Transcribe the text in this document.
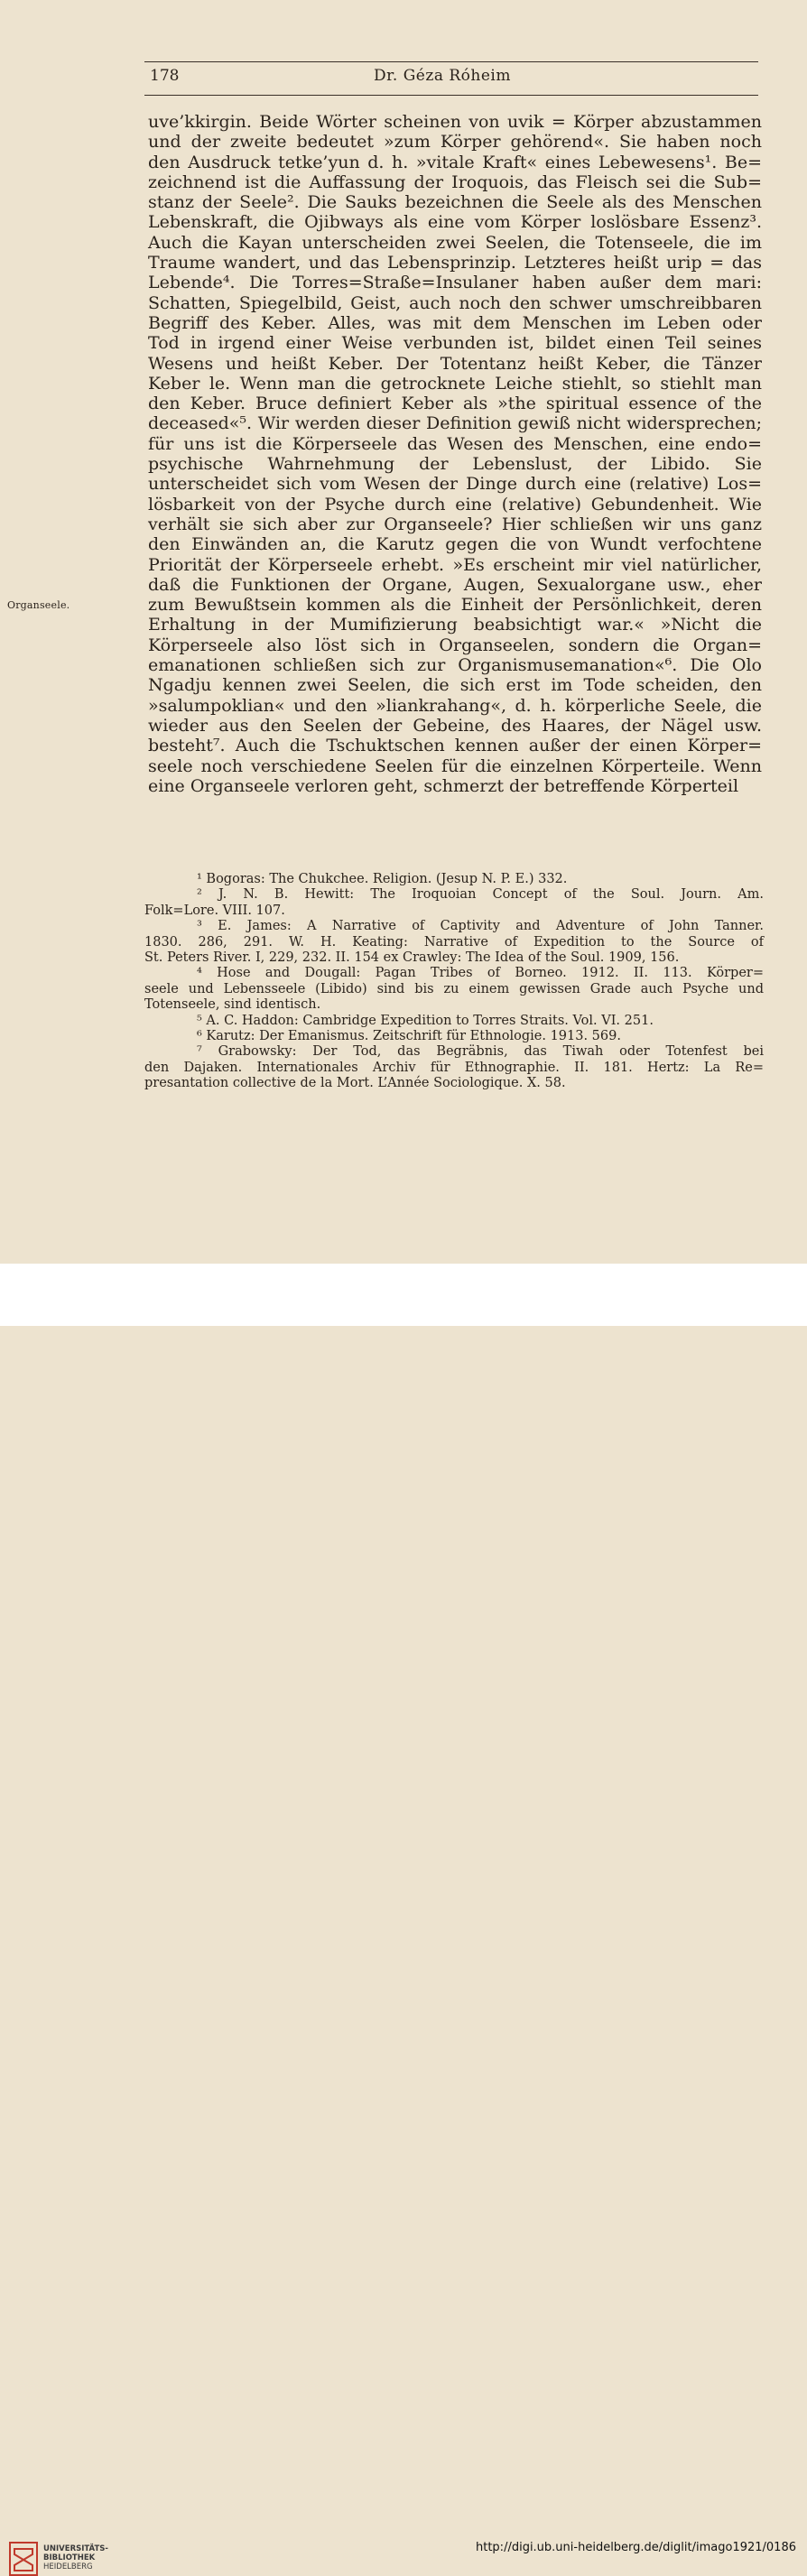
178	Dr. Géza Róheim
Organseele.
uvе’kkirgin. Beide Wörter scheinen von uvik = Körper abzustammen
und der zweite bedeutet »zum Körper gehörend«. Sie haben noch
den Ausdruck tetke’yun d. h. »vitale Kraft« eines Lebewesens¹. Be=
zeichnend ist die Auffassung der Iroquois, das Fleisch sei die Sub=
stanz der Seele². Die Sauks bezeichnen die Seele als des Menschen
Lebenskraft, die Ojibways als eine vom Körper loslösbare Essenz³.
Auch die Kayan unterscheiden zwei Seelen, die Totenseele, die im
Traume wandert, und das Lebensprinzip. Letzteres heißt urip = das
Lebende⁴. Die Torres=Straße=Insulaner haben außer dem mari:
Schatten, Spiegelbild, Geist, auch noch den schwer umschreibbaren
Begriff des Keber. Alles, was mit dem Menschen im Leben oder
Tod in irgend einer Weise verbunden ist, bildet einen Teil seines
Wesens und heißt Keber. Der Totentanz heißt Keber, die Tänzer
Keber le. Wenn man die getrocknete Leiche stiehlt, so stiehlt man
den Keber. Bruce definiert Keber als »the spiritual essence of the
deceased«⁵. Wir werden dieser Definition gewiß nicht widersprechen;
für uns ist die Körperseele das Wesen des Menschen, eine endo=
psychische Wahrnehmung der Lebenslust, der Libido. Sie
unterscheidet sich vom Wesen der Dinge durch eine (relative) Los=
lösbarkeit von der Psyche durch eine (relative) Gebundenheit. Wie
verhält sie sich aber zur Organseele? Hier schließen wir uns ganz
den Einwänden an, die Karutz gegen die von Wundt verfochtene
Priorität der Körperseele erhebt. »Es erscheint mir viel natürlicher,
daß die Funktionen der Organe, Augen, Sexualorgane usw., eher
zum Bewußtsein kommen als die Einheit der Persönlichkeit, deren
Erhaltung in der Mumifizierung beabsichtigt war.« »Nicht die
Körperseele also löst sich in Organseelen, sondern die Organ=
emanationen schließen sich zur Organismusemanation«⁶. Die Olo
Ngadju kennen zwei Seelen, die sich erst im Tode scheiden, den
»salumpoklian« und den »liankrahang«, d. h. körperliche Seele, die
wieder aus den Seelen der Gebeine, des Haares, der Nägel usw.
besteht⁷. Auch die Tschuktschen kennen außer der einen Körper=
seele noch verschiedene Seelen für die einzelnen Körperteile. Wenn
eine Organseele verloren geht, schmerzt der betreffende Körperteil
¹ Bogoras: The Chukchee. Religion. (Jesup N. P. E.) 332.
² J. N. B. Hewitt: The Iroquoian Concept of the Soul. Journ. Am.
Folk=Lore. VIII. 107.
³ E. James: A Narrative of Captivity and Adventure of John Tanner.
1830. 286, 291. W. H. Keating: Narrative of Expedition to the Source of
St. Peters River. I, 229, 232. II. 154 ex Crawley: The Idea of the Soul. 1909, 156.
⁴ Hose and Dougall: Pagan Tribes of Borneo. 1912. II. 113. Körper=
seele und Lebensseele (Libido) sind bis zu einem gewissen Grade auch Psyche und
Totenseele, sind identisch.
⁵ A. C. Haddon: Cambridge Expedition to Torres Straits. Vol. VI. 251.
⁶ Karutz: Der Emanismus. Zeitschrift für Ethnologie. 1913. 569.
⁷ Grabowsky: Der Tod, das Begräbnis, das Tiwah oder Totenfest bei
den Dajaken. Internationales Archiv für Ethnographie. II. 181. Hertz: La Re=
presantation collective de la Mort. L’Année Sociologique. X. 58.
UNIVERSITÄTS-
BIBLIOTHEK
HEIDELBERG
http://digi.ub.uni-heidelberg.de/diglit/imago1921/0186
